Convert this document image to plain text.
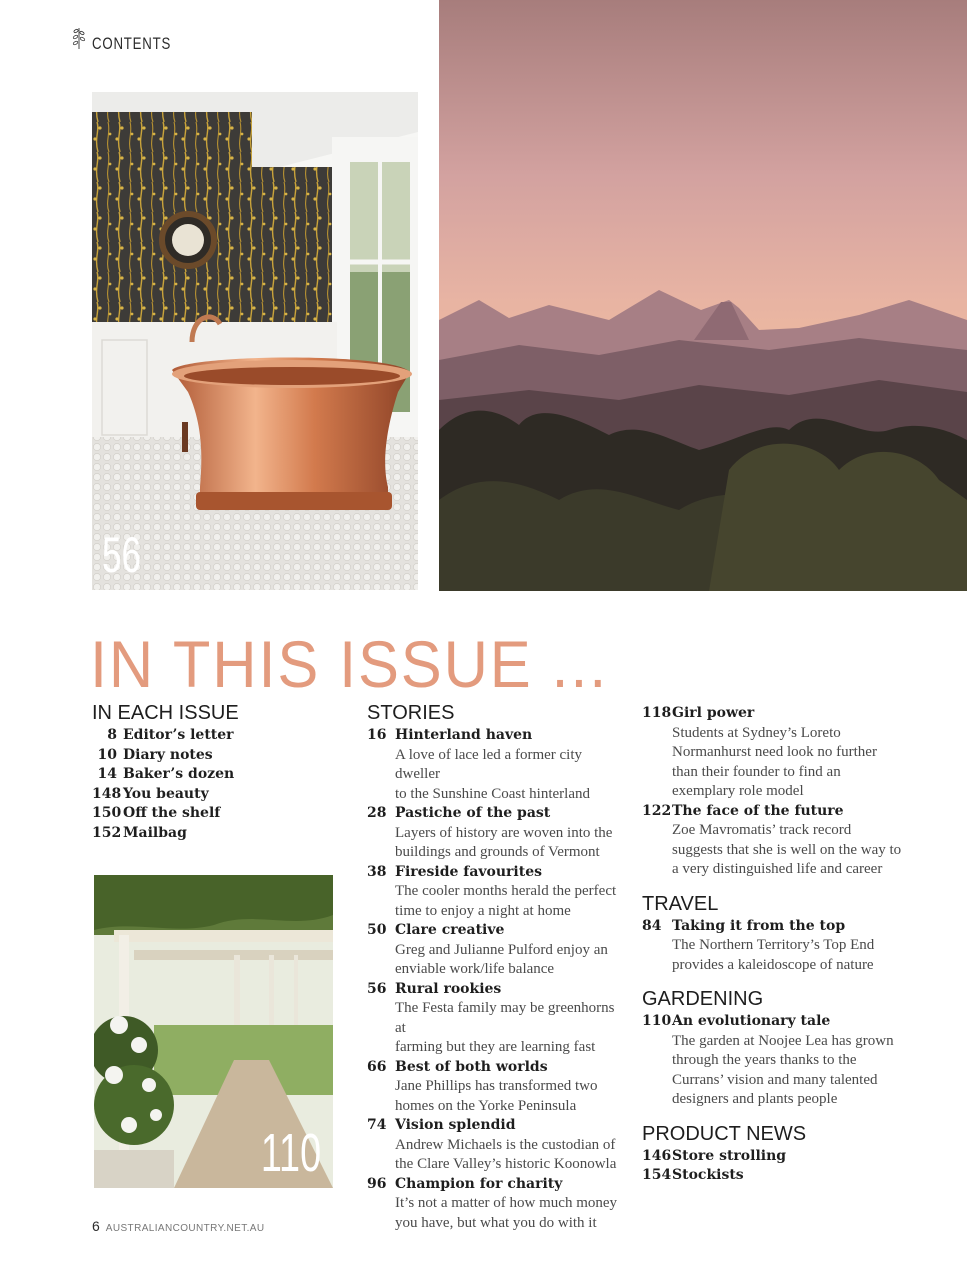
CONTENTS
56
110
IN THIS ISSUE ...
IN EACH ISSUE
8 Editor’s letter
10 Diary notes
14 Baker’s dozen
148 You beauty
150 Off the shelf
152 Mailbag
STORIES
16 Hinterland haven
A love of lace led a former city dweller
to the Sunshine Coast hinterland
28 Pastiche of the past
Layers of history are woven into the
buildings and grounds of Vermont
38 Fireside favourites
The cooler months herald the perfect
time to enjoy a night at home
50 Clare creative
Greg and Julianne Pulford enjoy an
enviable work/life balance
56 Rural rookies
The Festa family may be greenhorns at
farming but they are learning fast
66 Best of both worlds
Jane Phillips has transformed two
homes on the Yorke Peninsula
74 Vision splendid
Andrew Michaels is the custodian of
the Clare Valley’s historic Koonowla
96 Champion for charity
It’s not a matter of how much money
you have, but what you do with it
118 Girl power
Students at Sydney’s Loreto
Normanhurst need look no further
than their founder to find an
exemplary role model
122 The face of the future
Zoe Mavromatis’ track record
suggests that she is well on the way to
a very distinguished life and career
TRAVEL
84 Taking it from the top
The Northern Territory’s Top End
provides a kaleidoscope of nature
GARDENING
110 An evolutionary tale
The garden at Noojee Lea has grown
through the years thanks to the
Currans’ vision and many talented
designers and plants people
PRODUCT NEWS
146 Store strolling
154 Stockists
6 AUSTRALIANCOUNTRY.NET.AU
